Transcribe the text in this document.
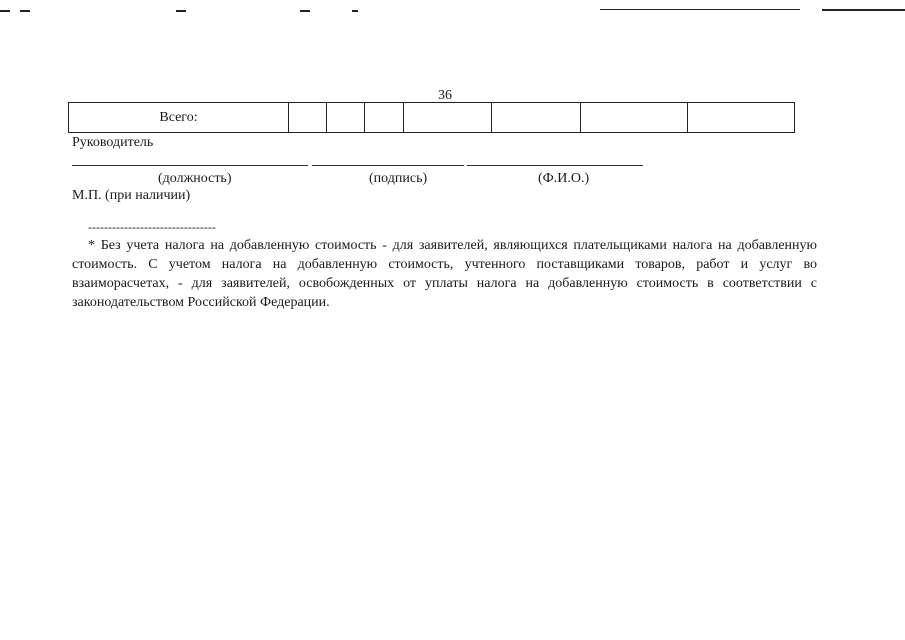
36
Всего:							
Руководитель
(должность)	(подпись)	(Ф.И.О.)
М.П. (при наличии)
--------------------------------
* Без учета налога на добавленную стоимость - для заявителей, являющихся плательщиками налога на добавленную стоимость. С учетом налога на добавленную стоимость, учтенного поставщиками товаров, работ и услуг во взаиморасчетах, - для заявителей, освобожденных от уплаты налога на добавленную стоимость в соответствии с законодательством Российской Федерации.
